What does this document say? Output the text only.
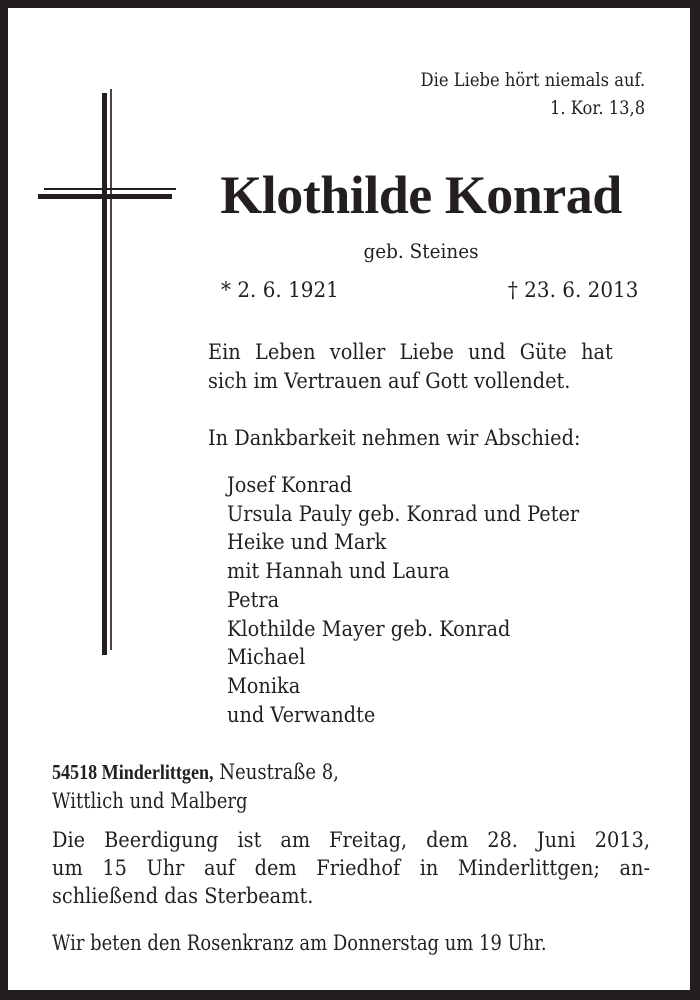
Die Liebe hört niemals auf.
1. Kor. 13,8
Klothilde Konrad
geb. Steines
* 2. 6. 1921	† 23. 6. 2013
Ein Leben voller Liebe und Güte hat
sich im Vertrauen auf Gott vollendet.
In Dankbarkeit nehmen wir Abschied:
Josef Konrad
Ursula Pauly geb. Konrad und Peter
Heike und Mark
mit Hannah und Laura
Petra
Klothilde Mayer geb. Konrad
Michael
Monika
und Verwandte
54518 Minderlittgen, Neustraße 8,
Wittlich und Malberg
Die Beerdigung ist am Freitag, dem 28. Juni 2013,
um 15 Uhr auf dem Friedhof in Minderlittgen; an-
schließend das Sterbeamt.
Wir beten den Rosenkranz am Donnerstag um 19 Uhr.
